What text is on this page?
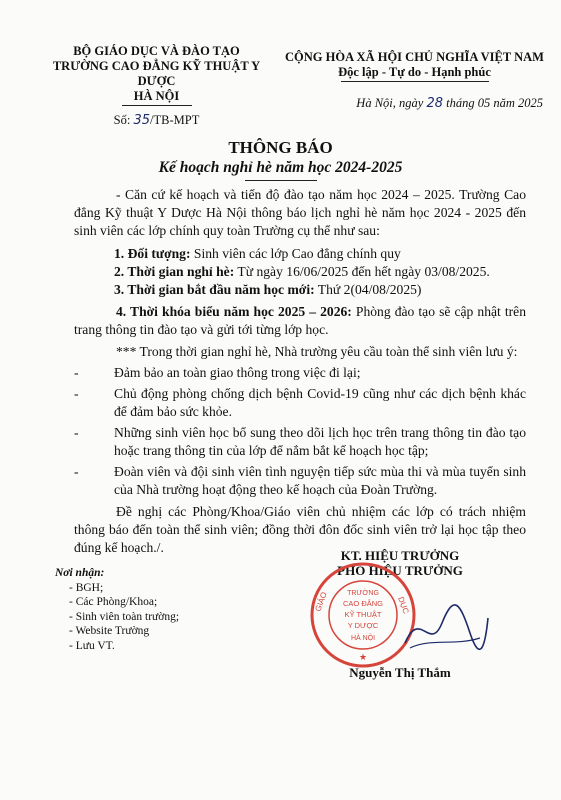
BỘ GIÁO DỤC VÀ ĐÀO TẠO
TRƯỜNG CAO ĐẲNG KỸ THUẬT Y DƯỢC
HÀ NỘI
Số: 35/TB-MPT
CỘNG HÒA XÃ HỘI CHỦ NGHĨA VIỆT NAM
Độc lập - Tự do - Hạnh phúc
Hà Nội, ngày 28 tháng 05 năm 2025
THÔNG BÁO
Kế hoạch nghỉ hè năm học 2024-2025

- Căn cứ kế hoạch và tiến độ đào tạo năm học 2024 – 2025. Trường Cao đẳng Kỹ thuật Y Dược Hà Nội thông báo lịch nghỉ hè năm học 2024 - 2025 đến sinh viên các lớp chính quy toàn Trường cụ thể như sau:

1. Đối tượng: Sinh viên các lớp Cao đẳng chính quy

2. Thời gian nghỉ hè: Từ ngày 16/06/2025 đến hết ngày 03/08/2025.

3. Thời gian bắt đầu năm học mới: Thứ 2(04/08/2025)

4. Thời khóa biểu năm học 2025 – 2026: Phòng đào tạo sẽ cập nhật trên trang thông tin đào tạo và gửi tới từng lớp học.

*** Trong thời gian nghỉ hè, Nhà trường yêu cầu toàn thể sinh viên lưu ý:

-	Đảm bảo an toàn giao thông trong việc đi lại;
-	Chủ động phòng chống dịch bệnh Covid-19 cũng như các dịch bệnh khác để đảm bảo sức khỏe.
-	Những sinh viên học bổ sung theo dõi lịch học trên trang thông tin đào tạo hoặc trang thông tin của lớp để nắm bắt kế hoạch học tập;
-	Đoàn viên và đội sinh viên tình nguyện tiếp sức mùa thi và mùa tuyển sinh của Nhà trường hoạt động theo kế hoạch của Đoàn Trường.

Đề nghị các Phòng/Khoa/Giáo viên chủ nhiệm các lớp có trách nhiệm thông báo đến toàn thể sinh viên; đồng thời đôn đốc sinh viên trở lại học tập theo đúng kế hoạch./.

Nơi nhận:
- BGH;
- Các Phòng/Khoa;
- Sinh viên toàn trường;
- Website Trường
- Lưu VT.
KT. HIỆU TRƯỞNG
PHÓ HIỆU TRƯỞNG
GIÁO	DỤC
TRƯỜNG
CAO ĐẲNG
KỸ THUẬT
Y DƯỢC
HÀ NỘI
★
Nguyễn Thị Thắm
